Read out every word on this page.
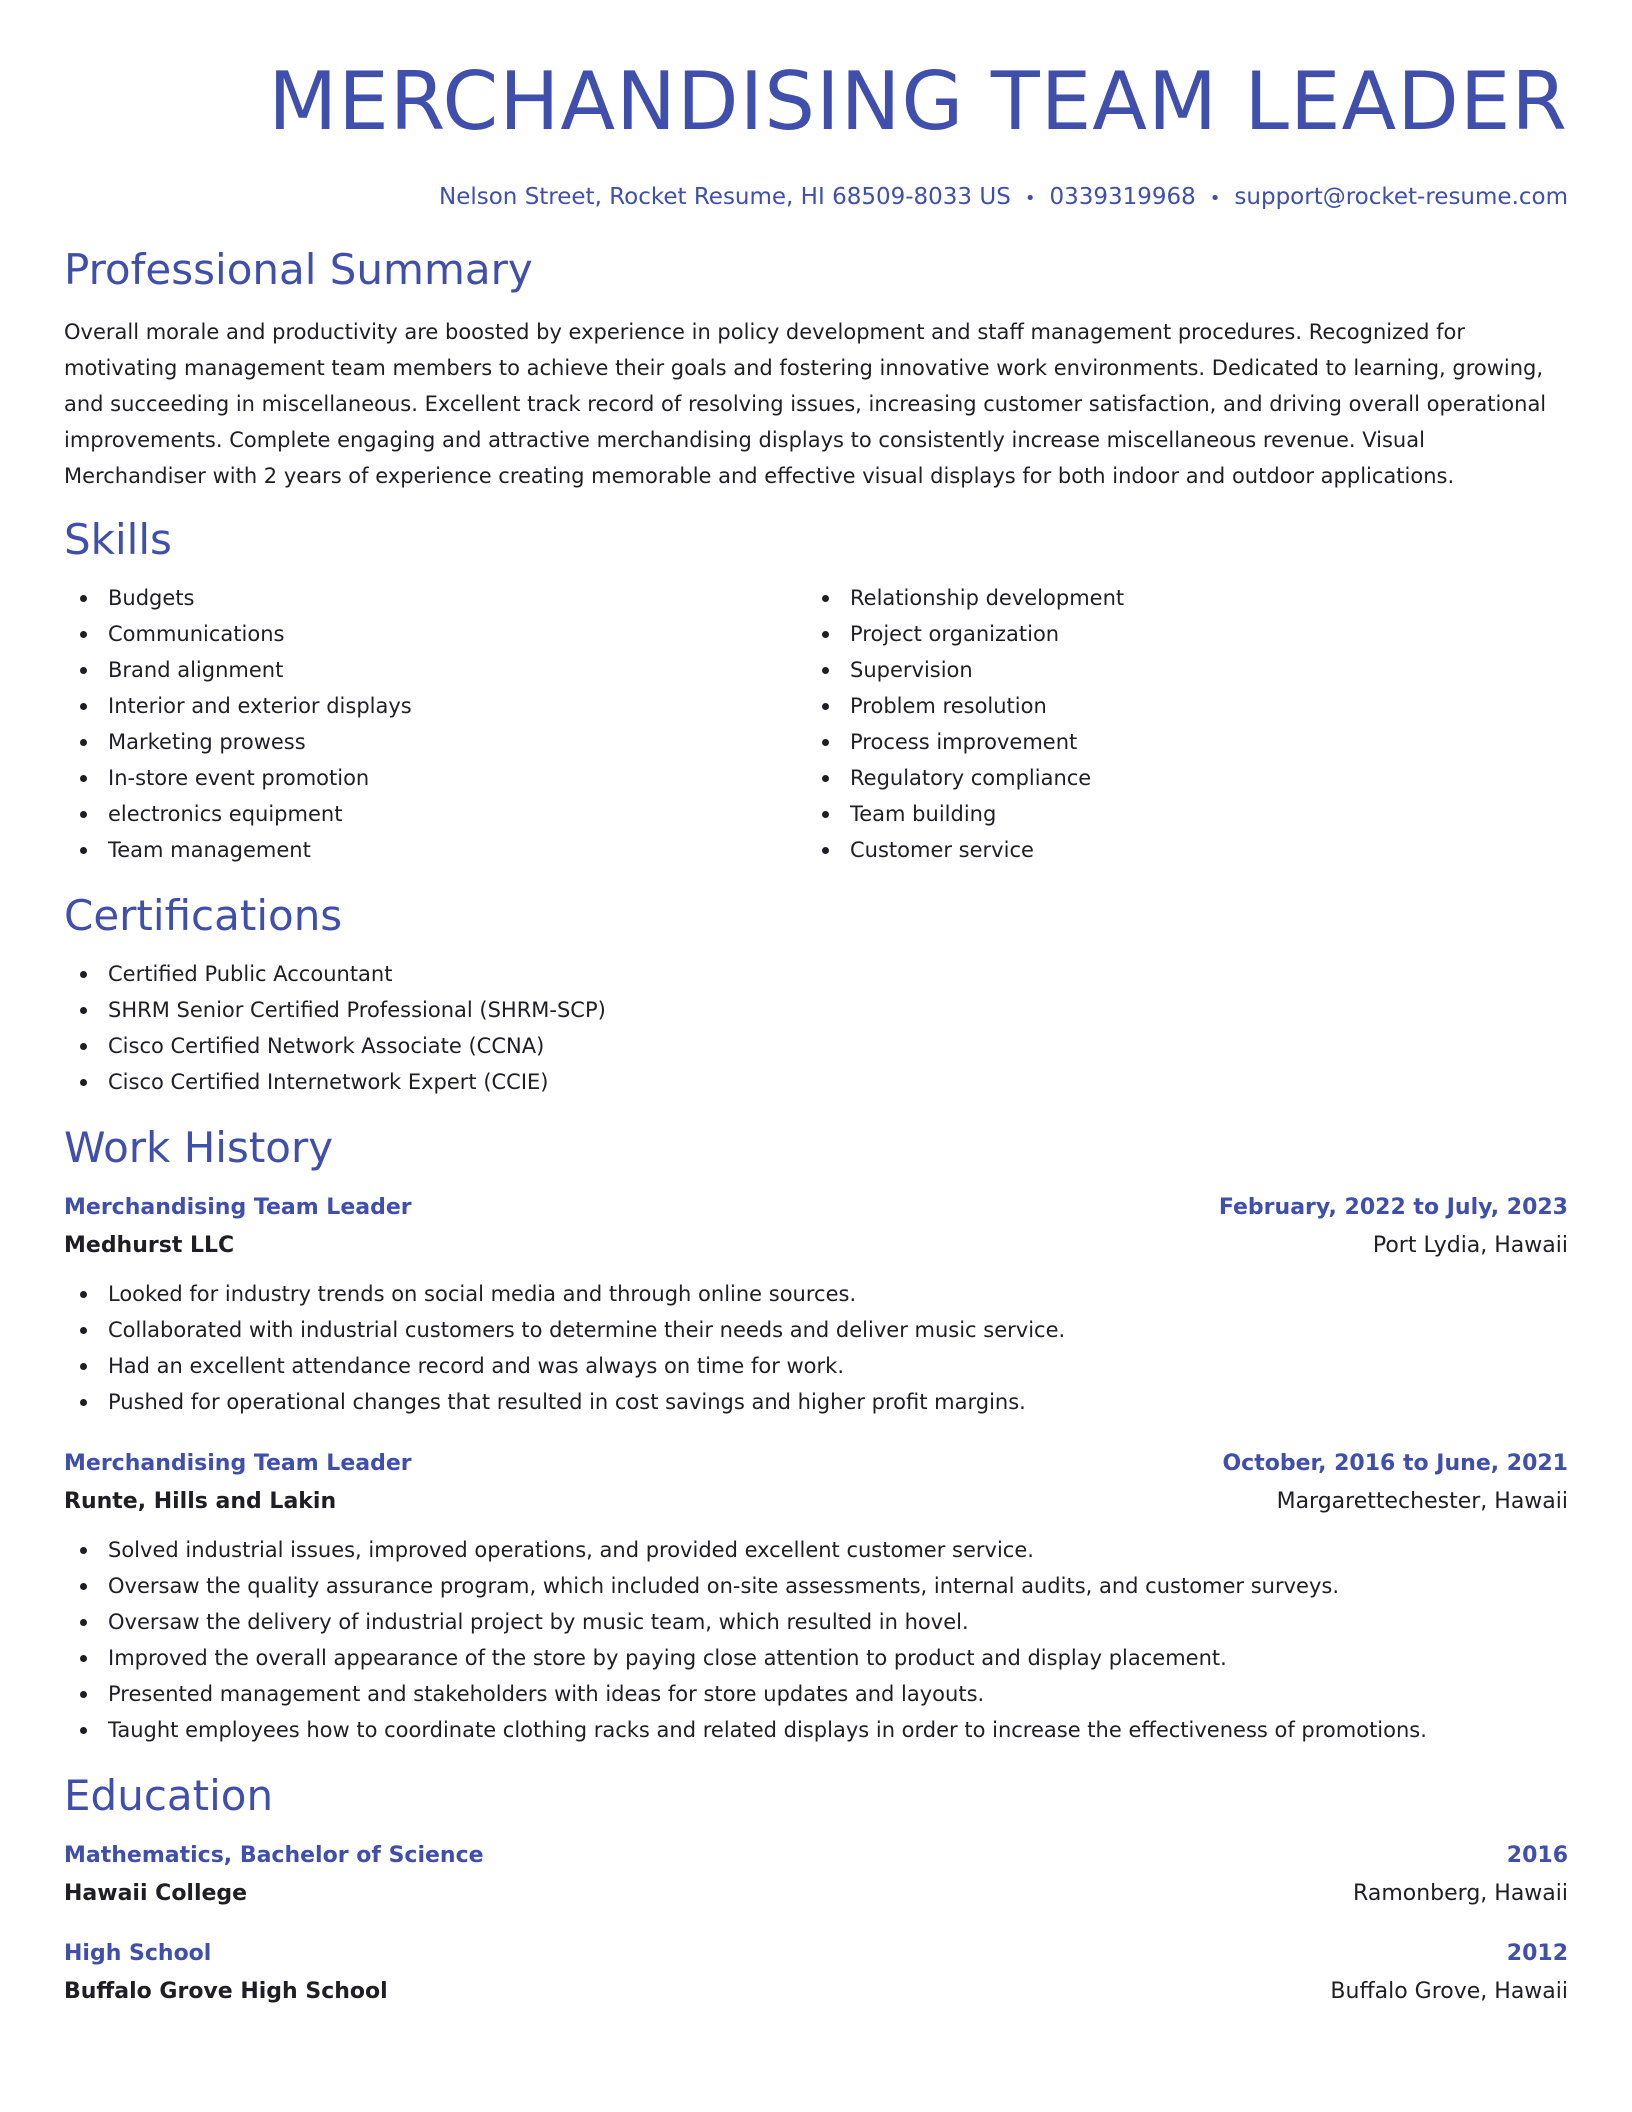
MERCHANDISING TEAM LEADER
Nelson Street, Rocket Resume, HI 68509-8033 US • 0339319968 • support@rocket-resume.com
Professional Summary
Overall morale and productivity are boosted by experience in policy development and staff management procedures. Recognized for motivating management team members to achieve their goals and fostering innovative work environments. Dedicated to learning, growing, and succeeding in miscellaneous. Excellent track record of resolving issues, increasing customer satisfaction, and driving overall operational improvements. Complete engaging and attractive merchandising displays to consistently increase miscellaneous revenue. Visual Merchandiser with 2 years of experience creating memorable and effective visual displays for both indoor and outdoor applications.
Skills
Budgets
Communications
Brand alignment
Interior and exterior displays
Marketing prowess
In-store event promotion
electronics equipment
Team management
Relationship development
Project organization
Supervision
Problem resolution
Process improvement
Regulatory compliance
Team building
Customer service
Certifications
Certified Public Accountant
SHRM Senior Certified Professional (SHRM-SCP)
Cisco Certified Network Associate (CCNA)
Cisco Certified Internetwork Expert (CCIE)
Work History
Merchandising Team Leader	February, 2022 to July, 2023
Medhurst LLC	Port Lydia, Hawaii
Looked for industry trends on social media and through online sources.
Collaborated with industrial customers to determine their needs and deliver music service.
Had an excellent attendance record and was always on time for work.
Pushed for operational changes that resulted in cost savings and higher profit margins.
Merchandising Team Leader	October, 2016 to June, 2021
Runte, Hills and Lakin	Margarettechester, Hawaii
Solved industrial issues, improved operations, and provided excellent customer service.
Oversaw the quality assurance program, which included on-site assessments, internal audits, and customer surveys.
Oversaw the delivery of industrial project by music team, which resulted in hovel.
Improved the overall appearance of the store by paying close attention to product and display placement.
Presented management and stakeholders with ideas for store updates and layouts.
Taught employees how to coordinate clothing racks and related displays in order to increase the effectiveness of promotions.
Education
Mathematics, Bachelor of Science	2016
Hawaii College	Ramonberg, Hawaii
High School	2012
Buffalo Grove High School	Buffalo Grove, Hawaii
